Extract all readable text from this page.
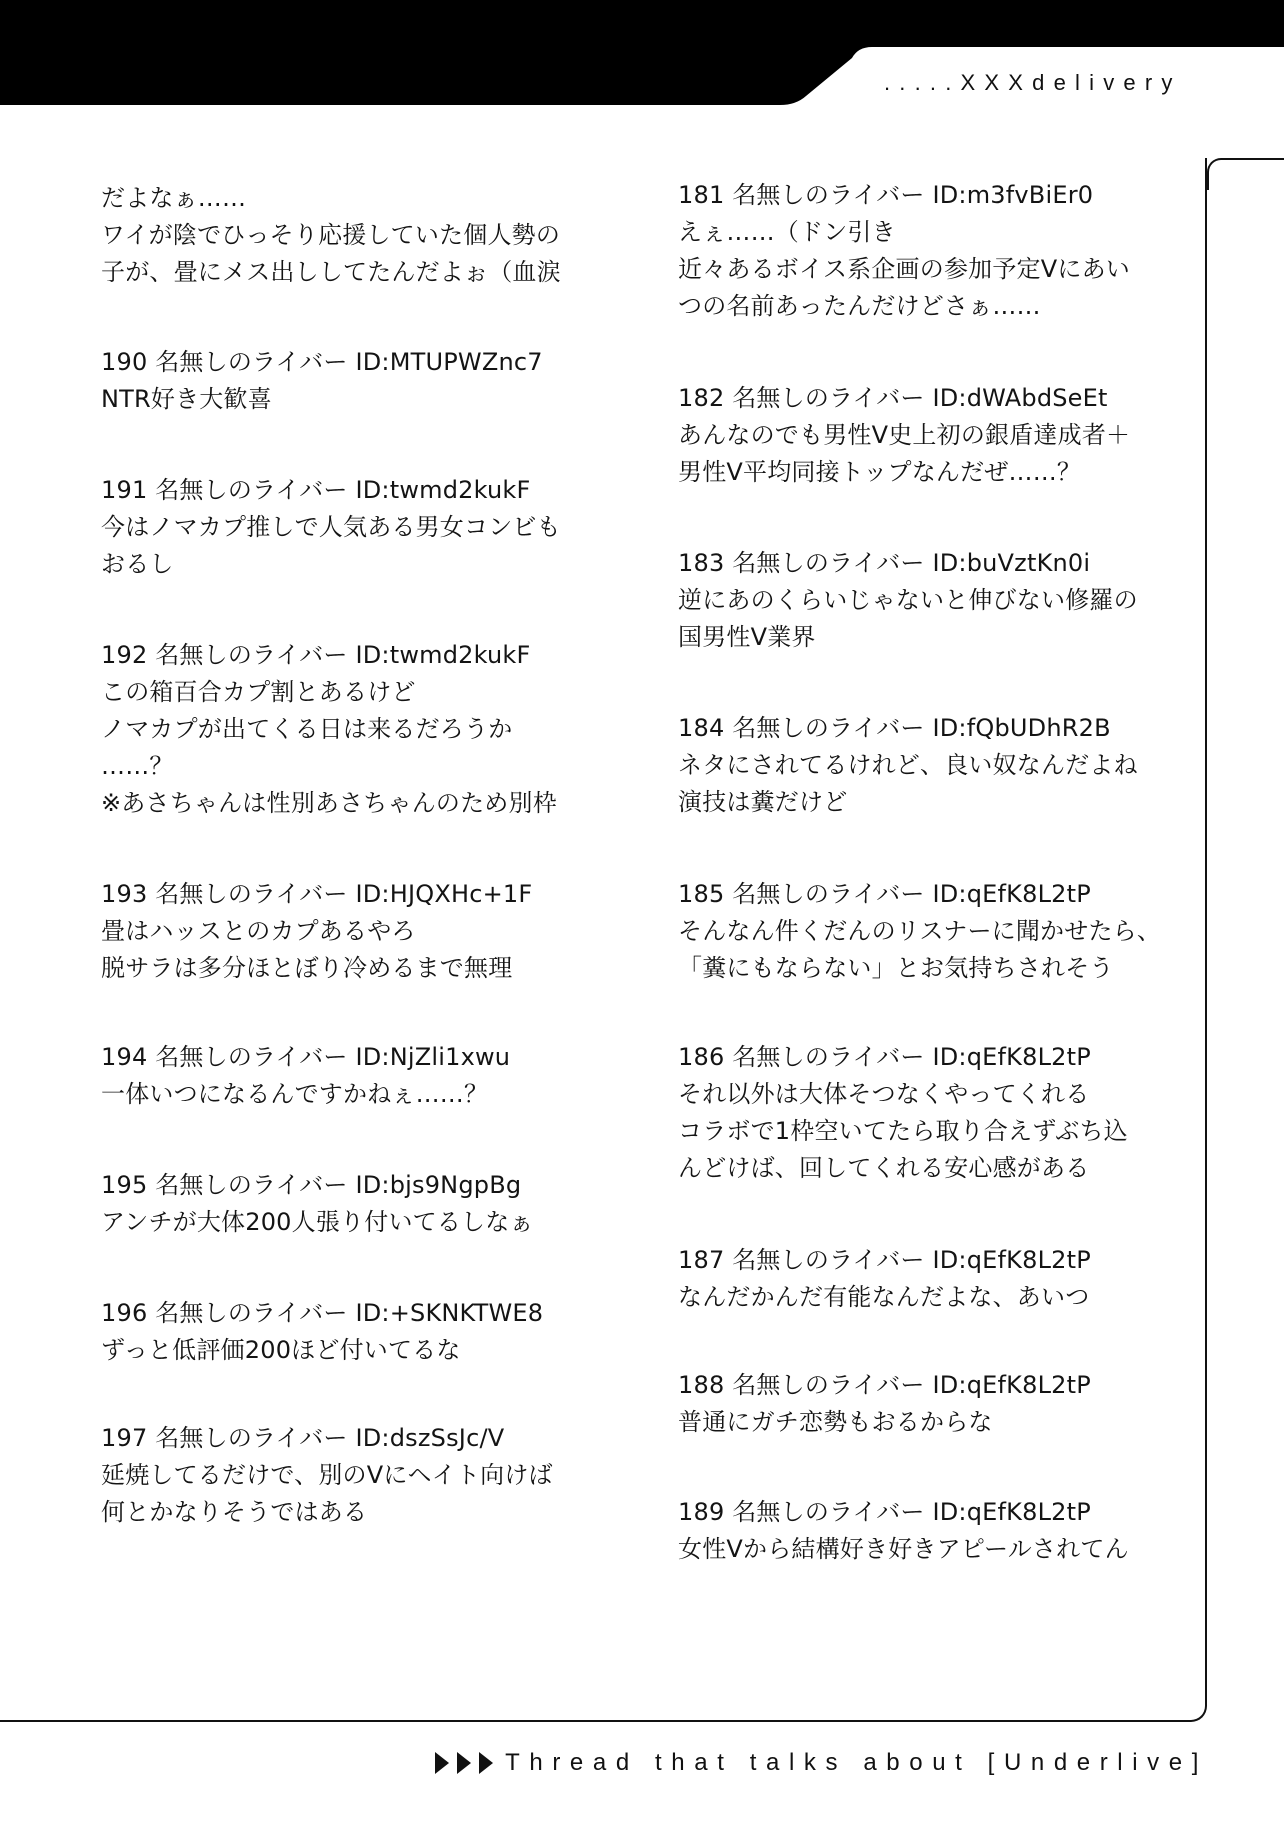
.....XXXdelivery
だよなぁ……
ワイが陰でひっそり応援していた個人勢の
子が、畳にメス出ししてたんだよぉ（血涙
190 名無しのライバー ID:MTUPWZnc7
NTR好き大歓喜
191 名無しのライバー ID:twmd2kukF
今はノマカプ推しで人気ある男女コンビも
おるし
192 名無しのライバー ID:twmd2kukF
この箱百合カプ割とあるけど
ノマカプが出てくる日は来るだろうか
……？
※あさちゃんは性別あさちゃんのため別枠
193 名無しのライバー ID:HJQXHc+1F
畳はハッスとのカプあるやろ
脱サラは多分ほとぼり冷めるまで無理
194 名無しのライバー ID:NjZli1xwu
一体いつになるんですかねぇ……？
195 名無しのライバー ID:bjs9NgpBg
アンチが大体200人張り付いてるしなぁ
196 名無しのライバー ID:+SKNKTWE8
ずっと低評価200ほど付いてるな
197 名無しのライバー ID:dszSsJc/V
延焼してるだけで、別のVにヘイト向けば
何とかなりそうではある
181 名無しのライバー ID:m3fvBiEr0
えぇ……（ドン引き
近々あるボイス系企画の参加予定Vにあい
つの名前あったんだけどさぁ……
182 名無しのライバー ID:dWAbdSeEt
あんなのでも男性V史上初の銀盾達成者＋
男性V平均同接トップなんだぜ……？
183 名無しのライバー ID:buVztKn0i
逆にあのくらいじゃないと伸びない修羅の
国男性V業界
184 名無しのライバー ID:fQbUDhR2B
ネタにされてるけれど、良い奴なんだよね
演技は糞だけど
185 名無しのライバー ID:qEfK8L2tP
そんなん件くだんのリスナーに聞かせたら、
「糞にもならない」とお気持ちされそう
186 名無しのライバー ID:qEfK8L2tP
それ以外は大体そつなくやってくれる
コラボで1枠空いてたら取り合えずぶち込
んどけば、回してくれる安心感がある
187 名無しのライバー ID:qEfK8L2tP
なんだかんだ有能なんだよな、あいつ
188 名無しのライバー ID:qEfK8L2tP
普通にガチ恋勢もおるからな
189 名無しのライバー ID:qEfK8L2tP
女性Vから結構好き好きアピールされてん
Thread that talks about [Underlive]
